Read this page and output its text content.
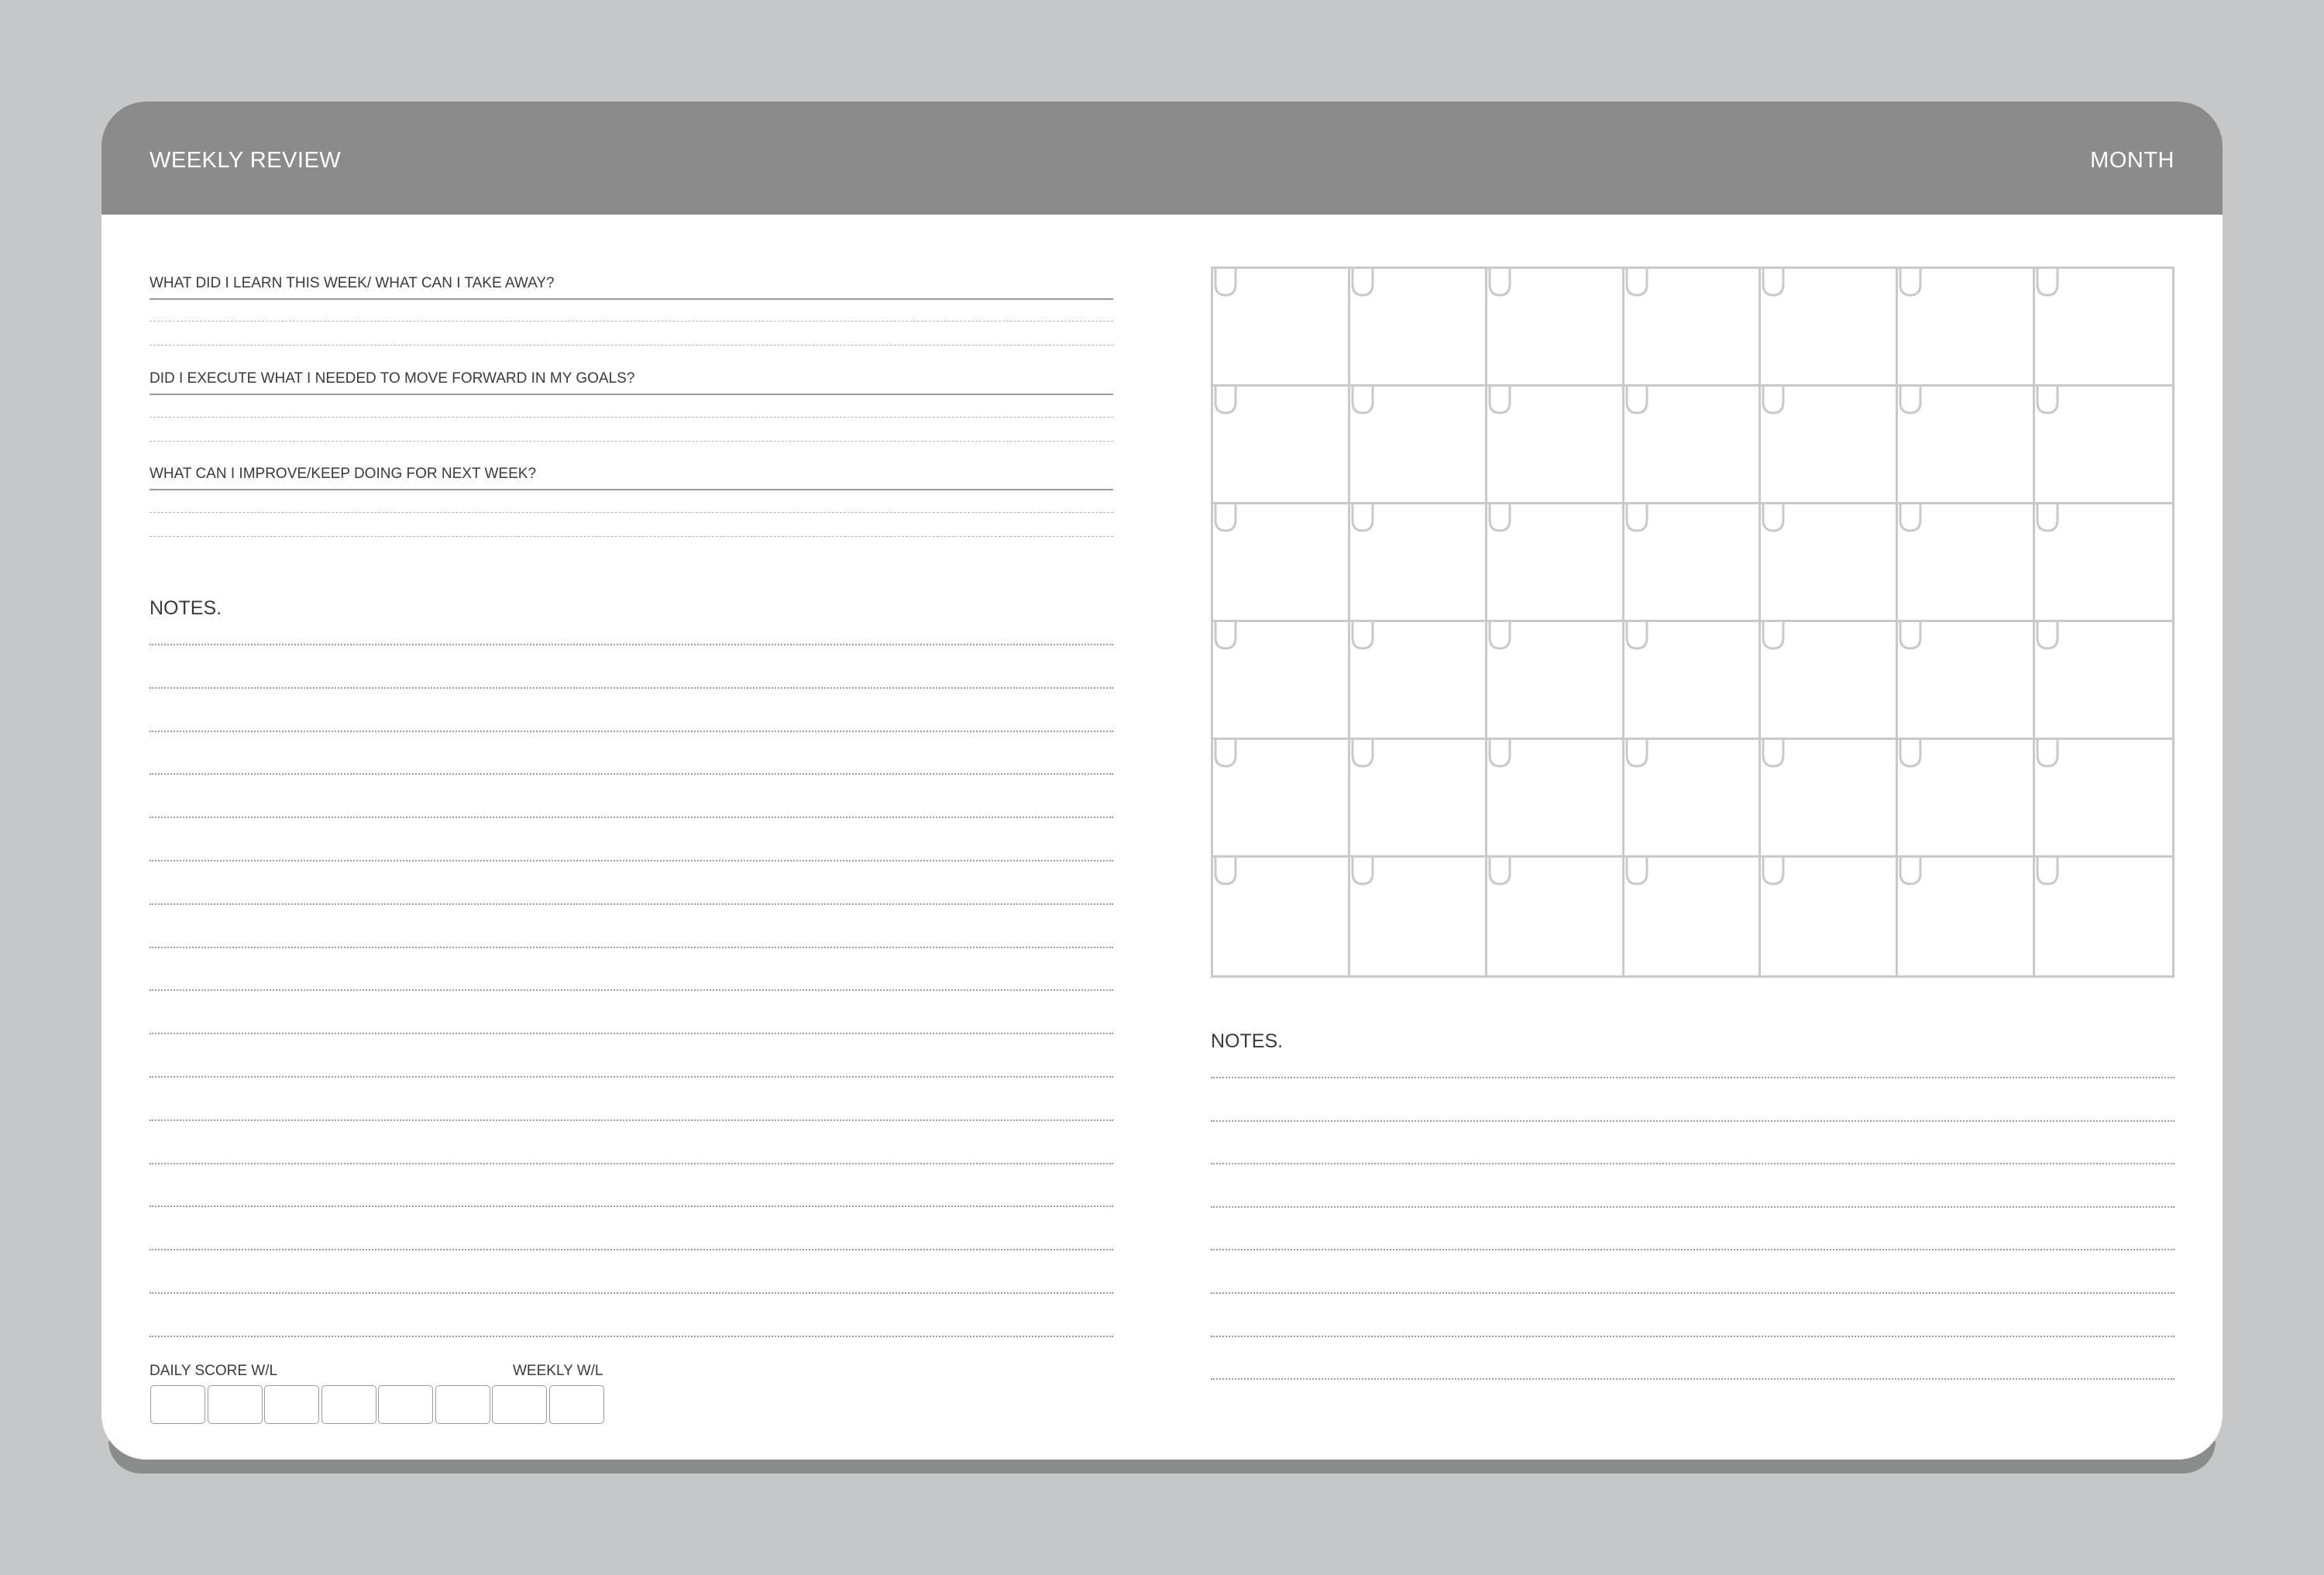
WEEKLY REVIEW	MONTH
WHAT DID I LEARN THIS WEEK/ WHAT CAN I TAKE AWAY?
DID I EXECUTE WHAT I NEEDED TO MOVE FORWARD IN MY GOALS?
WHAT CAN I IMPROVE/KEEP DOING FOR NEXT WEEK?
NOTES.
DAILY SCORE W/L	WEEKLY W/L
NOTES.
